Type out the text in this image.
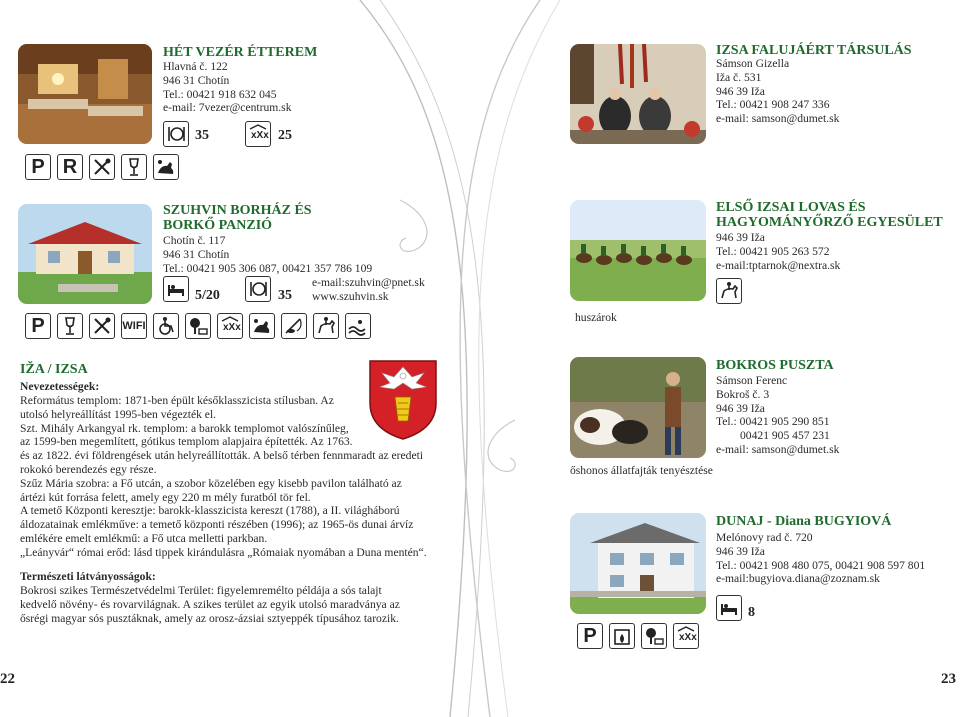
HÉT VEZÉR ÉTTEREM
Hlavná č. 122
946 31 Chotín
Tel.: 00421 918 632 045
e-mail: 7vezer@centrum.sk
35	xXx 25
P R
SZUHVIN BORHÁZ ÉS
BORKŐ PANZIÓ
Chotín č. 117
946 31 Chotín
Tel.: 00421 905 306 087, 00421 357 786 109
e-mail:szuhvin@pnet.sk
www.szuhvin.sk
5/20	35
P	WIFI	xXx
IŽA / IZSA
Nevezetességek:
Református templom: 1871-ben épült későklasszicista stílusban. Az
utolsó helyreállítást 1995-ben végezték el.
Szt. Mihály Arkangyal rk. templom: a barokk templomot valószínűleg,
az 1599-ben megemlített, gótikus templom alapjaira építették. Az 1763.
és az 1822. évi földrengések után helyreállították. A belső térben fennmaradt az eredeti
rokokó berendezés egy része.
Szűz Mária szobra: a Fő utcán, a szobor közelében egy kisebb pavilon található az
ártézi kút forrása felett, amely egy 220 m mély furatból tör fel.
A temető Központi keresztje: barokk-klasszicista kereszt (1788), a II. világháború
áldozatainak emlékműve: a temető központi részében (1996); az 1965-ös dunai árvíz
emlékére emelt emlékmű: a Fő utca melletti parkban.
„Leányvár“ római erőd: lásd tippek kirándulásra „Rómaiak nyomában a Duna mentén“.
Természeti látványosságok:
Bokrosi szikes Természetvédelmi Terület: figyelemremélto példája a sós talajt
kedvelő növény- és rovarvilágnak. A szikes terület az egyik utolsó maradványa az
ősrégi magyar sós pusztáknak, amely az orosz-ázsiai sztyeppék típusához tarozik.
22
IZSA FALUJÁÉRT TÁRSULÁS
Sámson Gizella
Iža č. 531
946 39 Iža
Tel.: 00421 908 247 336
e-mail: samson@dumet.sk
huszárok
ELSŐ IZSAI LOVAS ÉS
HAGYOMÁNYŐRZŐ EGYESÜLET
946 39 Iža
Tel.: 00421 905 263 572
e-mail:tptarnok@nextra.sk
őshonos állatfajták tenyésztése
BOKROS PUSZTA
Sámson Ferenc
Bokroš č. 3
946 39 Iža
Tel.: 00421 905 290 851
00421 905 457 231
e-mail: samson@dumet.sk
DUNAJ - Diana BUGYIOVÁ
Melónovy rad č. 720
946 39 Iža
Tel.: 00421 908 480 075, 00421 908 597 801
e-mail:bugyiova.diana@zoznam.sk
8
P	xXx
23
